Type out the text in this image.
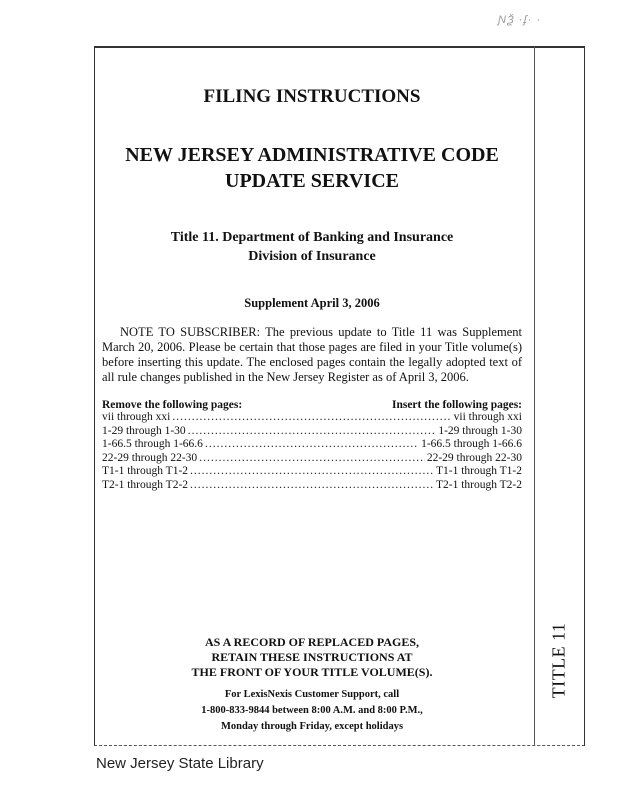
ƝѮ ·ʄ· ·
TITLE 11
FILING INSTRUCTIONS
NEW JERSEY ADMINISTRATIVE CODE
UPDATE SERVICE
Title 11. Department of Banking and Insurance
Division of Insurance
Supplement April 3, 2006

NOTE TO SUBSCRIBER: The previous update to Title 11 was Supplement March 20, 2006. Please be certain that those pages are filed in your Title volume(s) before inserting this update. The enclosed pages contain the legally adopted text of all rule changes published in the New Jersey Register as of April 3, 2006.

Remove the following pages:	Insert the following pages:
vii through xxi .....	vii through xxi
1-29 through 1-30 .....	1-29 through 1-30
1-66.5 through 1-66.6 .....	1-66.5 through 1-66.6
22-29 through 22-30 .....	22-29 through 22-30
T1-1 through T1-2 .....	T1-1 through T1-2
T2-1 through T2-2 .....	T2-1 through T2-2
AS A RECORD OF REPLACED PAGES,
RETAIN THESE INSTRUCTIONS AT
THE FRONT OF YOUR TITLE VOLUME(S).
For LexisNexis Customer Support, call
1-800-833-9844 between 8:00 A.M. and 8:00 P.M.,
Monday through Friday, except holidays
New Jersey State Library
